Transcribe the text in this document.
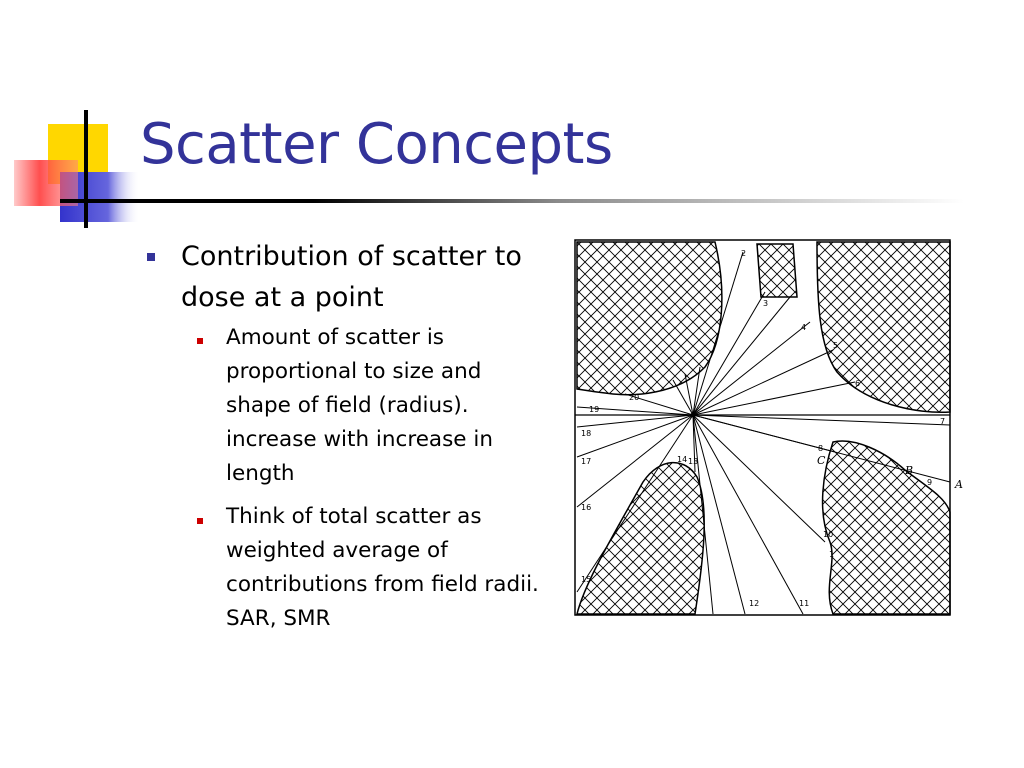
Scatter Concepts
Contribution of scatter to dose at a point
Amount of scatter is proportional to size and shape of field (radius). increase with increase in length
Think of total scatter as weighted average of contributions from field radii. SAR, SMR
1
2
3
4
5
6
7
8
9
10
11
12
13
14
15
16
17
18
19
20
A
B
C
